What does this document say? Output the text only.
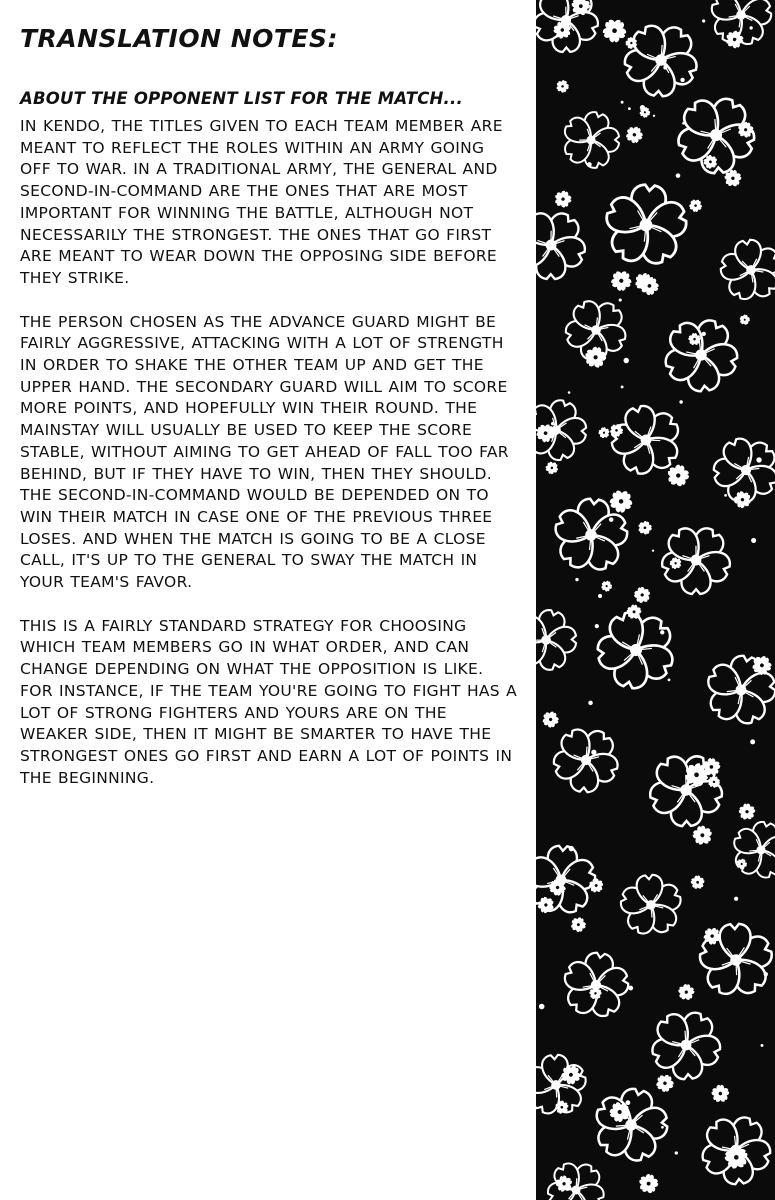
TRANSLATION NOTES:
ABOUT THE OPPONENT LIST FOR THE MATCH...

IN KENDO, THE TITLES GIVEN TO EACH TEAM MEMBER ARE MEANT TO REFLECT THE ROLES WITHIN AN ARMY GOING OFF TO WAR. IN A TRADITIONAL ARMY, THE GENERAL AND SECOND-IN-COMMAND ARE THE ONES THAT ARE MOST IMPORTANT FOR WINNING THE BATTLE, ALTHOUGH NOT NECESSARILY THE STRONGEST. THE ONES THAT GO FIRST ARE MEANT TO WEAR DOWN THE OPPOSING SIDE BEFORE THEY STRIKE.

THE PERSON CHOSEN AS THE ADVANCE GUARD MIGHT BE FAIRLY AGGRESSIVE, ATTACKING WITH A LOT OF STRENGTH IN ORDER TO SHAKE THE OTHER TEAM UP AND GET THE UPPER HAND. THE SECONDARY GUARD WILL AIM TO SCORE MORE POINTS, AND HOPEFULLY WIN THEIR ROUND. THE MAINSTAY WILL USUALLY BE USED TO KEEP THE SCORE STABLE, WITHOUT AIMING TO GET AHEAD OF FALL TOO FAR BEHIND, BUT IF THEY HAVE TO WIN, THEN THEY SHOULD. THE SECOND-IN-COMMAND WOULD BE DEPENDED ON TO WIN THEIR MATCH IN CASE ONE OF THE PREVIOUS THREE LOSES. AND WHEN THE MATCH IS GOING TO BE A CLOSE CALL, IT'S UP TO THE GENERAL TO SWAY THE MATCH IN YOUR TEAM'S FAVOR.

THIS IS A FAIRLY STANDARD STRATEGY FOR CHOOSING WHICH TEAM MEMBERS GO IN WHAT ORDER, AND CAN CHANGE DEPENDING ON WHAT THE OPPOSITION IS LIKE. FOR INSTANCE, IF THE TEAM YOU'RE GOING TO FIGHT HAS A LOT OF STRONG FIGHTERS AND YOURS ARE ON THE WEAKER SIDE, THEN IT MIGHT BE SMARTER TO HAVE THE STRONGEST ONES GO FIRST AND EARN A LOT OF POINTS IN THE BEGINNING.
